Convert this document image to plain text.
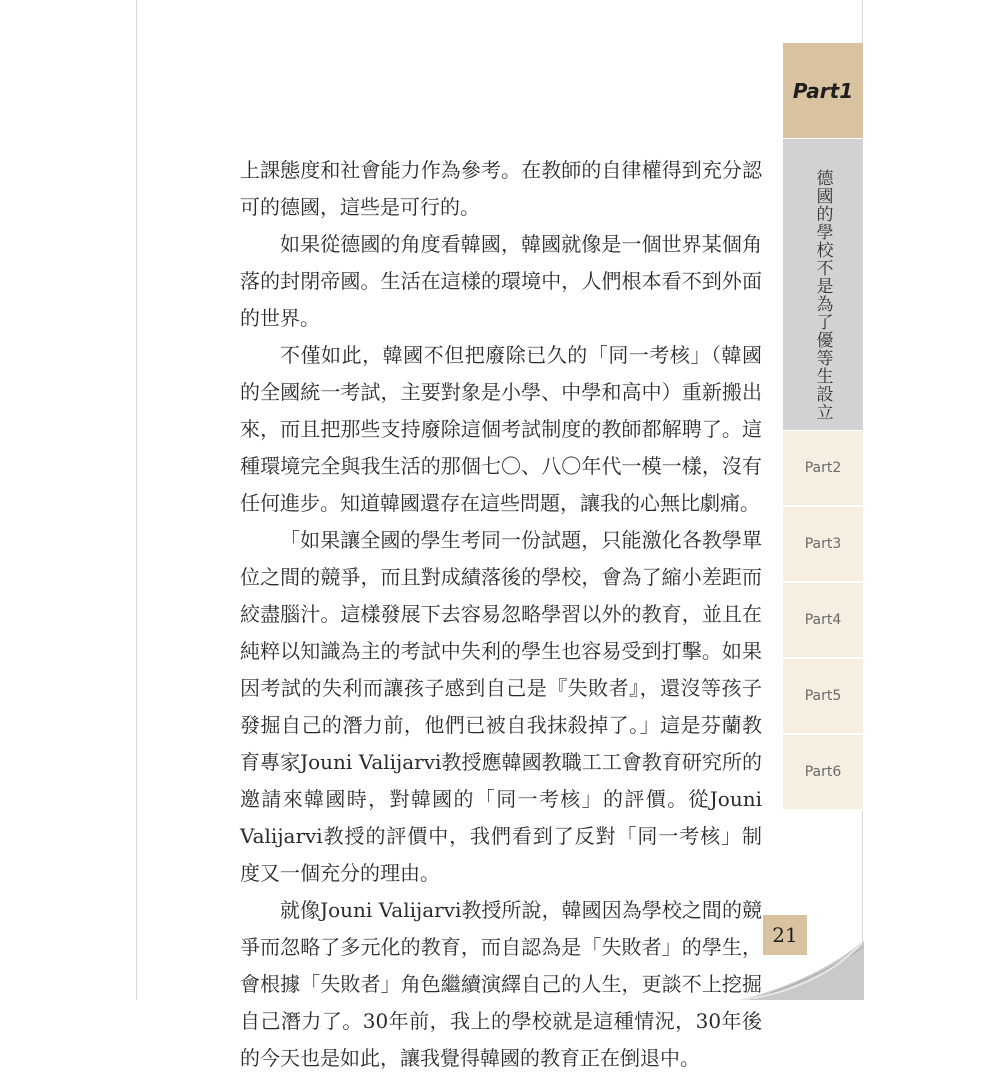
上課態度和社會能力作為參考。在教師的自律權得到充分認可的德國，這些是可行的。

如果從德國的角度看韓國，韓國就像是一個世界某個角落的封閉帝國。生活在這樣的環境中，人們根本看不到外面的世界。

不僅如此，韓國不但把廢除已久的「同一考核」（韓國的全國統一考試，主要對象是小學、中學和高中）重新搬出來，而且把那些支持廢除這個考試制度的教師都解聘了。這種環境完全與我生活的那個七〇、八〇年代一模一樣，沒有任何進步。知道韓國還存在這些問題，讓我的心無比劇痛。

「如果讓全國的學生考同一份試題，只能激化各教學單位之間的競爭，而且對成績落後的學校，會為了縮小差距而絞盡腦汁。這樣發展下去容易忽略學習以外的教育，並且在純粹以知識為主的考試中失利的學生也容易受到打擊。如果因考試的失利而讓孩子感到自己是『失敗者』，還沒等孩子發掘自己的潛力前，他們已被自我抹殺掉了。」這是芬蘭教育專家Jouni Valijarvi教授應韓國教職工工會教育研究所的邀請來韓國時，對韓國的「同一考核」的評價。從Jouni Valijarvi教授的評價中，我們看到了反對「同一考核」制度又一個充分的理由。

就像Jouni Valijarvi教授所說，韓國因為學校之間的競爭而忽略了多元化的教育，而自認為是「失敗者」的學生，會根據「失敗者」角色繼續演繹自己的人生，更談不上挖掘自己潛力了。30年前，我上的學校就是這種情況，30年後的今天也是如此，讓我覺得韓國的教育正在倒退中。

Part1
德國的學校不是為了優等生設立
Part2
Part3
Part4
Part5
Part6
21
